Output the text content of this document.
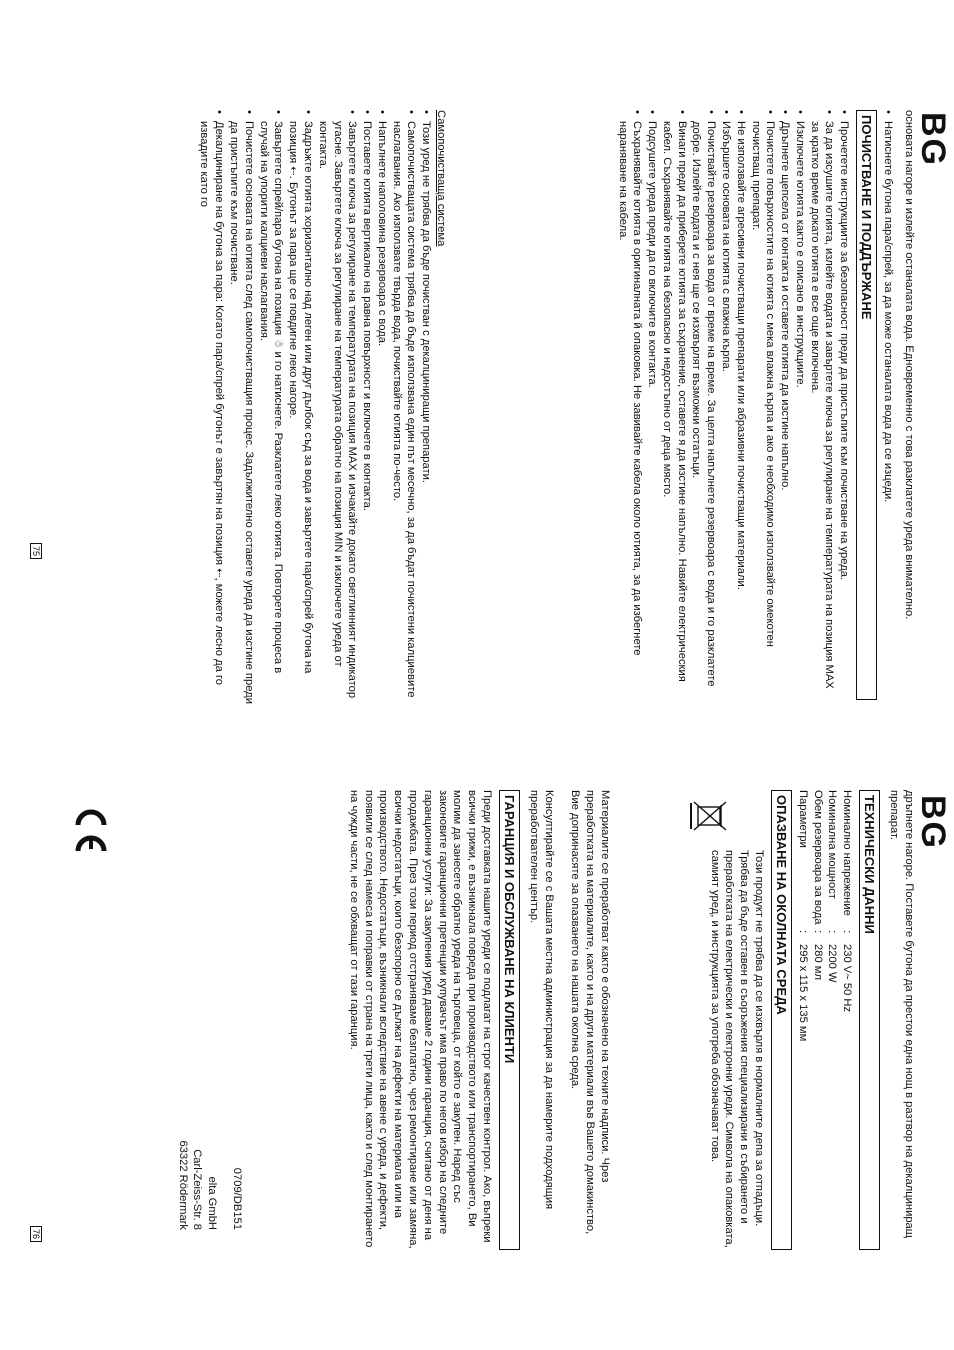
BG
BG

основата нагоре и излейте останалата вода. Едновременно с това разклатете уреда внимателно.

• Натиснете бутона пара/спрей, за да може останалата вода да се изцеди.
ПОЧИСТВАНЕ И ПОДДЪРЖАНЕ
• Прочетете инструкциите за безопасност преди да пристъпите към почистване на уреда.
• За да изсушите ютията, излейте водата и завъртете ключа за регулиране на температурата на позиция MAX за кратко време докато ютията е все още включена.
• Изключете ютията както е описано в инструкциите.
• Дръпнете щепсела от контакта и оставете ютията да изстине напълно.
• Почистете повърхностите на ютията с мека влажна кърпа и ако е необходимо използвайте омекотен почистващ препарат.
• Не използвайте агресивни почистващи препарати или абразивни почистващи материали.
• Избършете основата на ютията с влажна кърпа.
• Почиствайте резервоара за вода от време на време. За целта напълнете резервоара с вода и го разклатете добре. Излейте водата и с нея ще се изхвърлят възможни остатъци.
• Винаги преди да приберете ютията за съхранение, оставете я да изстине напълно. Навийте електрическия кабел. Съхранявайте ютията на безопасно и недостъпно от деца място.
• Подсушете уреда преди да го включите в контакта.
• Съхранявайте ютията в оригиналната й опаковка. Не завивайте кабела около ютията, за да избегнете нараняване на кабела.
Самопочистваща система
• Този уред не трябва да бъде почистван с декалциниращи препарати.
• Самопочистващата система трябва да бъде използвана един път месечно, за да бъдат почистени калциевите наслагвания. Ако използвате твърда вода, почиствайте ютията по-често.
• Напълнете наполовина резервоара с вода.
• Поставете ютията вертикално на равна повърхност и включете в контакта.
• Завъртете ключа за регулиране на температурата на позиция MAX и изчакайте докато светлинният индикатор угасне. Завъртете ключа за регулиране на температурата обратно на позиция MIN и изключете уреда от контакта.
• Задръжте ютията хоризонтално над леген или друг дълбок съд за вода и завъртете пара/спрей бутона на позиция ⇠. Бутонът за пара ще се повдигне леко нагоре.
• Завъртете спрей/пара бутона на позиция ☃ и го натиснете. Разклатете леко ютията. Повторете процеса в случай на упорити калциеви наслагвания.
• Почистете основата на ютията след самопочистващия процес. Задължително оставете уреда да изстине преди да пристъпите към почистване.
• Декалциниране на бутона за пара: Когато пара/спрей бутонът е завъртян на позиция ⇠, можете лесно да го извадите като го
75

дръпнете нагоре. Поставете бутона да престои една нощ в разтвор на декалциниращ препарат.

ТЕХНИЧЕСКИ ДАННИ
Номинално напрежение
:
230 V~ 50 Hz
Номинална мощност
:
2200 W
Обем резервоара за вода
:
280 мл
Параметри
:
295 x 115 x 135 мм
ОПАЗВАНЕ НА ОКОЛНАТА СРЕДА

Този продукт не трябва да се изхвърля в нормалните депа за отпадъци. Трябва да бъде оставен в съоръжения специализирани в събирането и преработката на електрически и електронни уреди. Символа на опаковката, самият уред, и инструкцията за употреба обозначават това.

Материалите се преработват както е обозначено на техните надписи. Чрез преработката на материалите, както и на други материали във Вашето домакинство, Вие допринасяте за опазването на нашата околна среда.

Консултирайте се с Вашата местна администрация за да намерите подходящия преработвателен център.

ГАРАНЦИЯ И ОБСЛУЖВАНЕ НА КЛИЕНТИ

Преди доставката нашите уреди се подлагат на строг качествен контрол. Ако, въпреки всички грижи, е възникнала повреда при производството или транспортирането, Ви молим да занесете обратно уреда на търговеца, от който е закупен. Наред със законовите гаранционни претенции купувачът има право по негов избор на следните гаранционни услуги: За закупения уред даваме 2 години гаранция, считано от деня на продажбата. През този период отстраняваме безплатно, чрез ремонтиране или замяна, всички недостатъци, които безспорно се дължат на дефекти на материала или на производството. Недостатъци, възникнали вследствие на авене с уреда, и дефекти, появили се след намеса и поправки от страна на трети лица, както и след монтирането на чужди части, не се обхващат от тази гаранция.

0709/DB151
elta GmbH
Carl-Zeiss-Str. 8
63322 Rödermark
76
